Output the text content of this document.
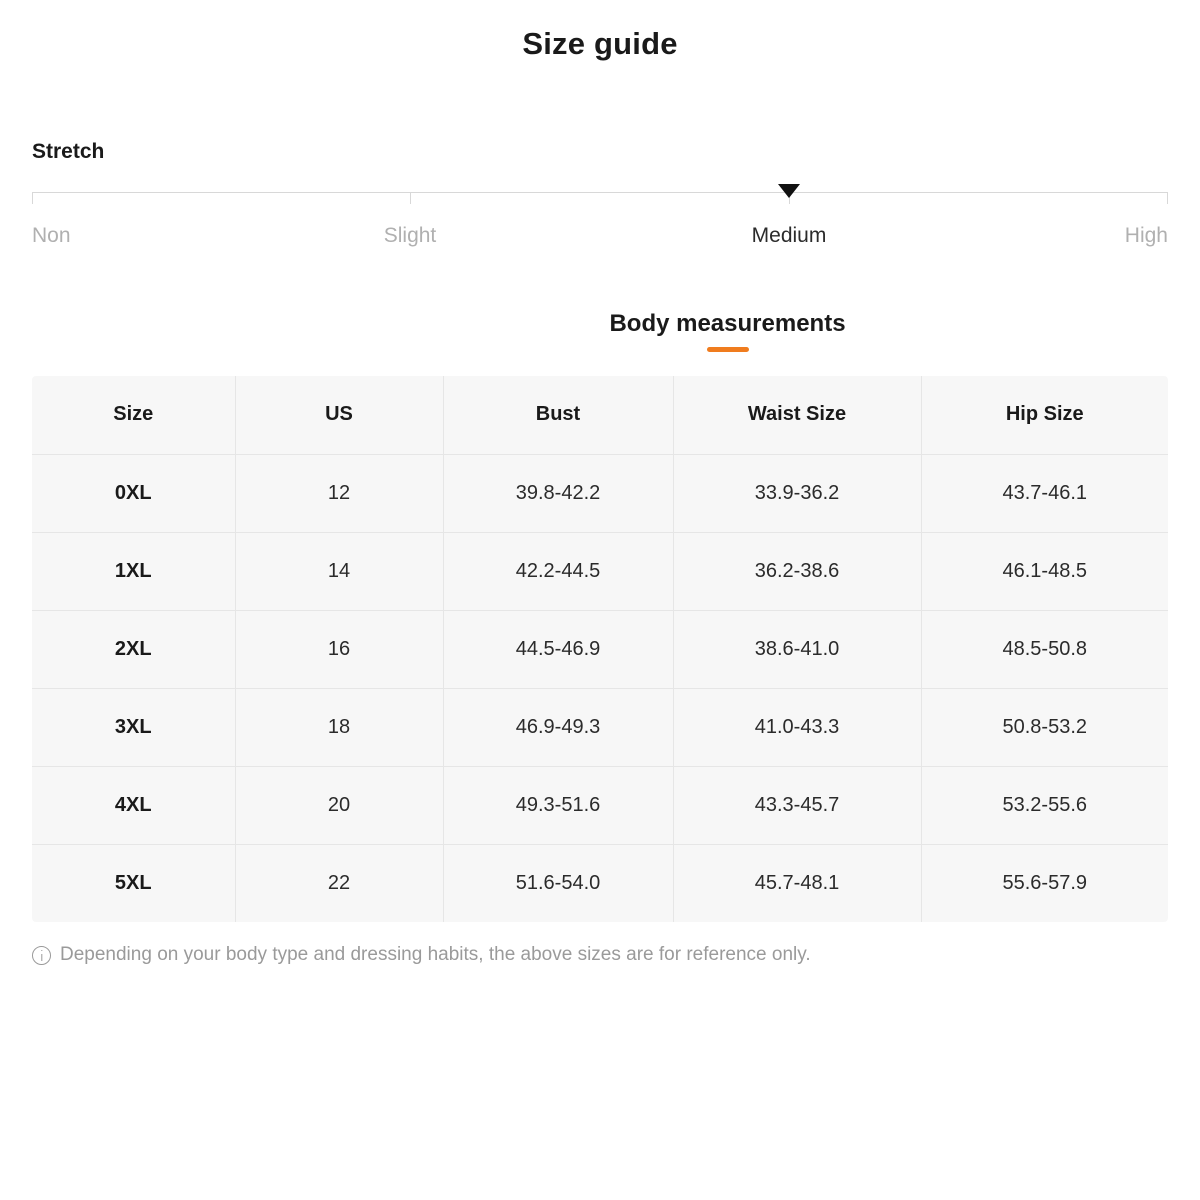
Size guide
Stretch
Non	Slight	Medium	High
Body measurements
Size	US	Bust	Waist Size	Hip Size
0XL	12	39.8-42.2	33.9-36.2	43.7-46.1
1XL	14	42.2-44.5	36.2-38.6	46.1-48.5
2XL	16	44.5-46.9	38.6-41.0	48.5-50.8
3XL	18	46.9-49.3	41.0-43.3	50.8-53.2
4XL	20	49.3-51.6	43.3-45.7	53.2-55.6
5XL	22	51.6-54.0	45.7-48.1	55.6-57.9
Depending on your body type and dressing habits, the above sizes are for reference only.
